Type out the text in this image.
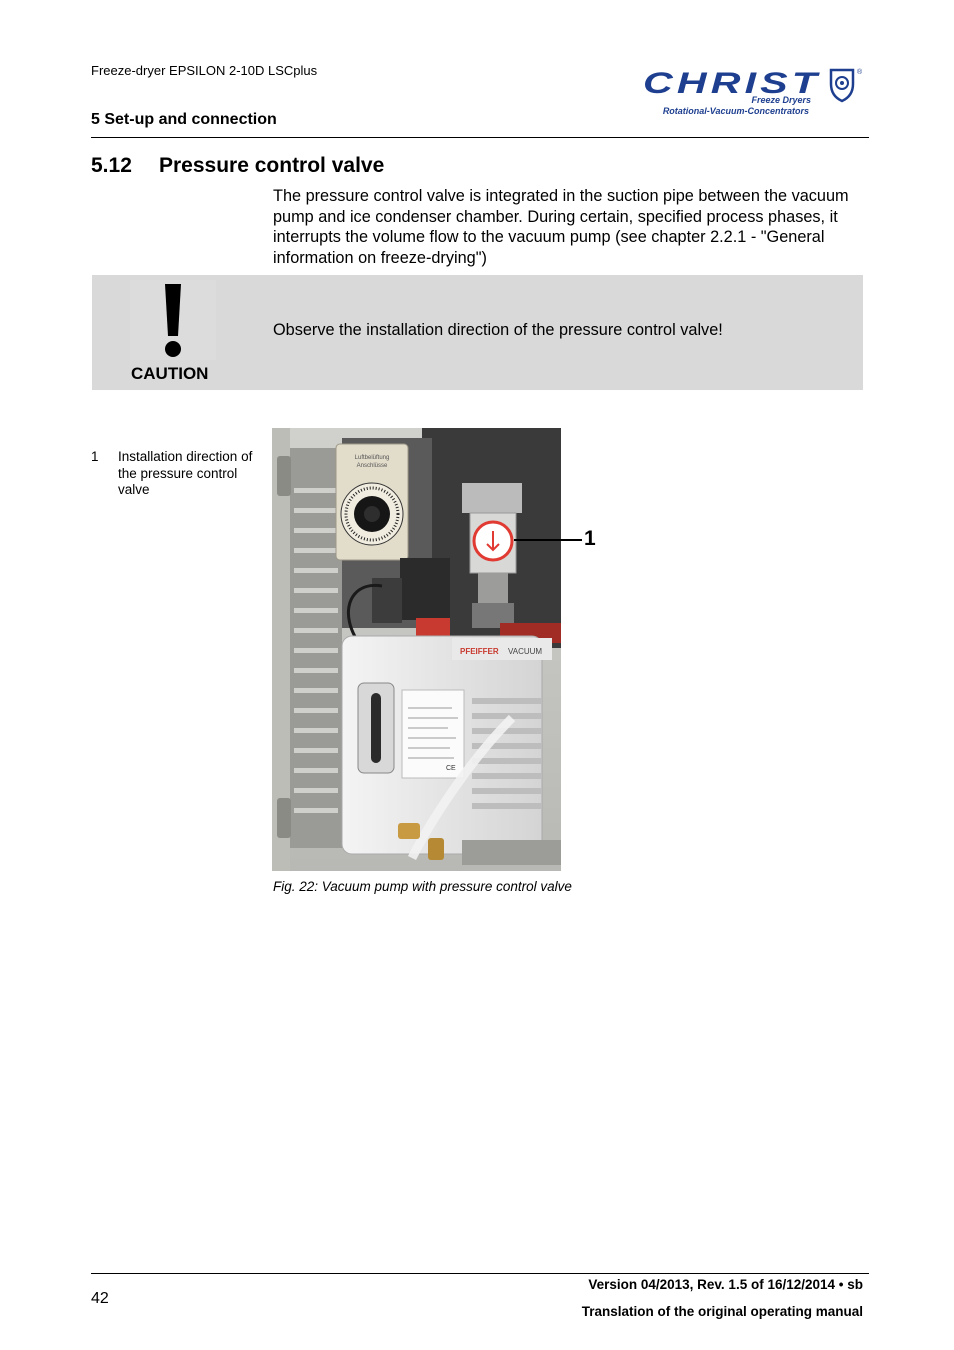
Freeze-dryer EPSILON 2-10D LSCplus
5 Set-up and connection
CHRIST	®
Freeze Dryers
Rotational-Vacuum-Concentrators
5.12 Pressure control valve
The pressure control valve is integrated in the suction pipe between the vacuum pump and ice condenser chamber. During certain, specified process phases, it interrupts the volume flow to the vacuum pump (see chapter 2.2.1 - "General information on freeze-drying")
CAUTION
Observe the installation direction of the pressure control valve!
1 Installation direction of the pressure control valve
Luftbelüftung
Anschlüsse
PFEIFFER VACUUM
CE
1
Fig. 22: Vacuum pump with pressure control valve
42
Version 04/2013, Rev. 1.5 of 16/12/2014 • sb
Translation of the original operating manual
